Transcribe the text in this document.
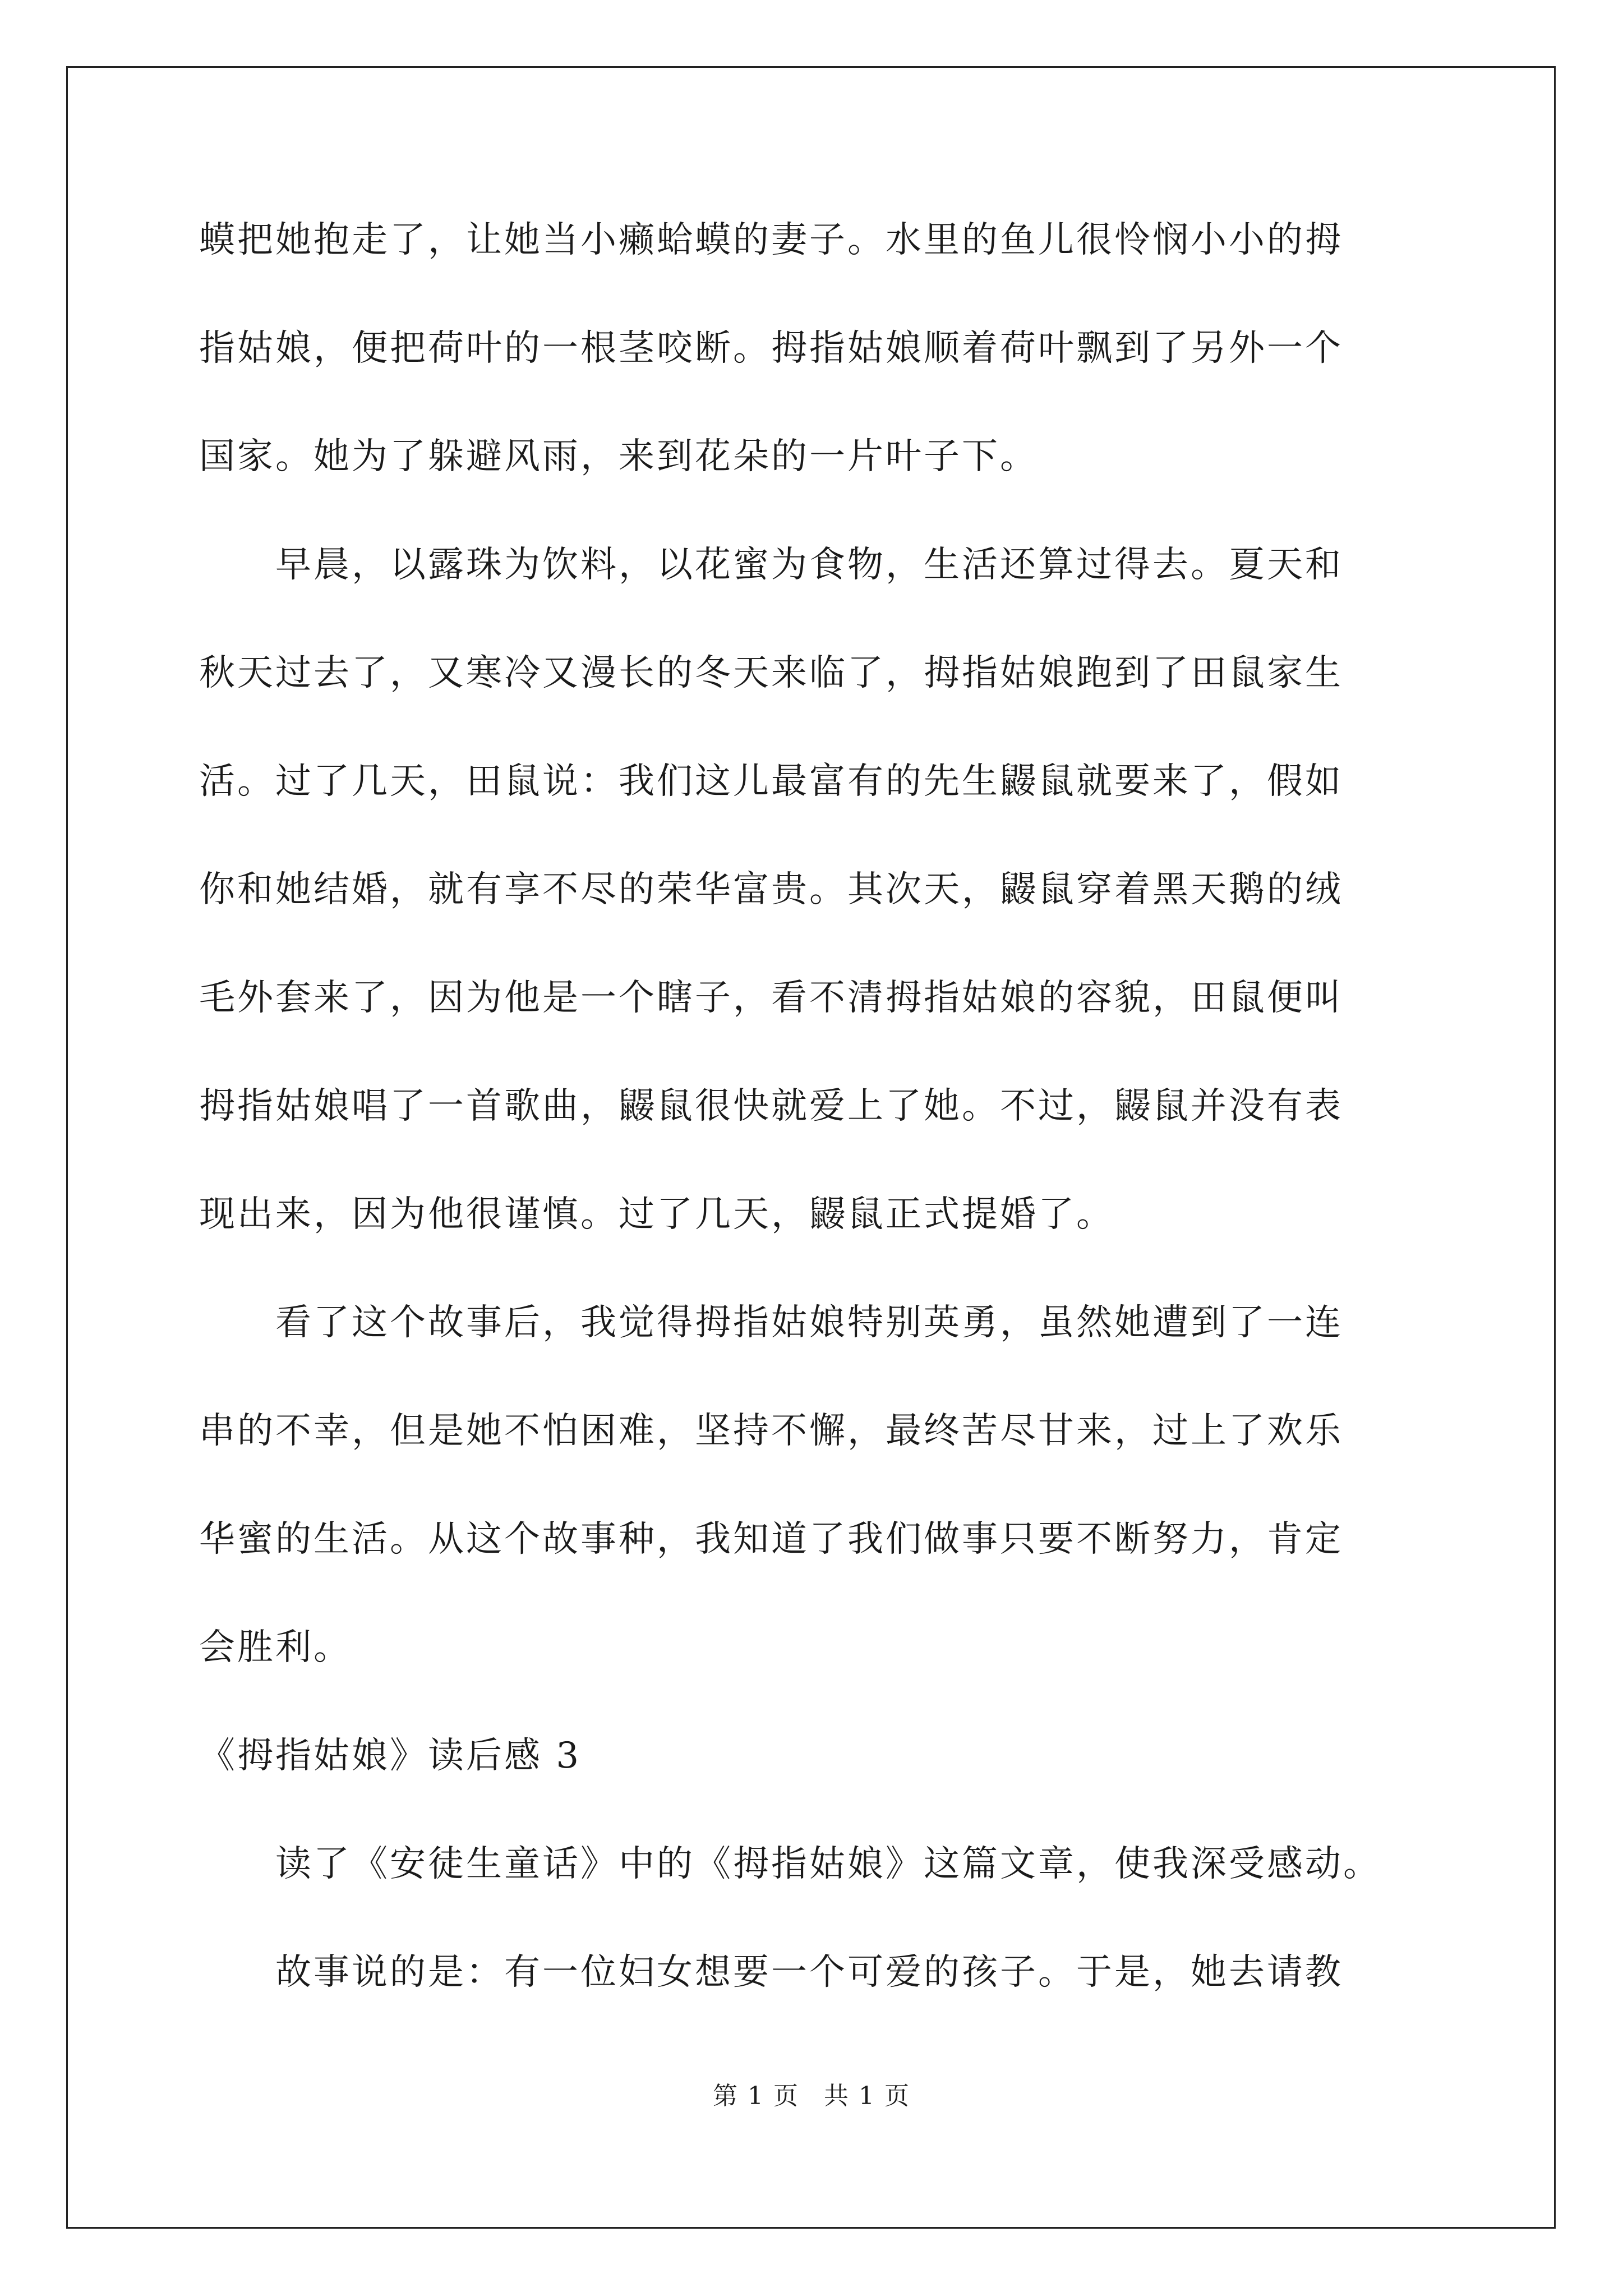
蟆把她抱走了，让她当小癞蛤蟆的妻子。水里的鱼儿很怜悯小小的拇
指姑娘，便把荷叶的一根茎咬断。拇指姑娘顺着荷叶飘到了另外一个
国家。她为了躲避风雨，来到花朵的一片叶子下。
　　早晨，以露珠为饮料，以花蜜为食物，生活还算过得去。夏天和
秋天过去了，又寒冷又漫长的冬天来临了，拇指姑娘跑到了田鼠家生
活。过了几天，田鼠说：我们这儿最富有的先生鼹鼠就要来了，假如
你和她结婚，就有享不尽的荣华富贵。其次天，鼹鼠穿着黑天鹅的绒
毛外套来了，因为他是一个瞎子，看不清拇指姑娘的容貌，田鼠便叫
拇指姑娘唱了一首歌曲，鼹鼠很快就爱上了她。不过，鼹鼠并没有表
现出来，因为他很谨慎。过了几天，鼹鼠正式提婚了。
　　看了这个故事后，我觉得拇指姑娘特别英勇，虽然她遭到了一连
串的不幸，但是她不怕困难，坚持不懈，最终苦尽甘来，过上了欢乐
华蜜的生活。从这个故事种，我知道了我们做事只要不断努力，肯定
会胜利。
《拇指姑娘》读后感 3
　　读了《安徒生童话》中的《拇指姑娘》这篇文章，使我深受感动。
　　故事说的是：有一位妇女想要一个可爱的孩子。于是，她去请教
第 1 页 共 1 页
